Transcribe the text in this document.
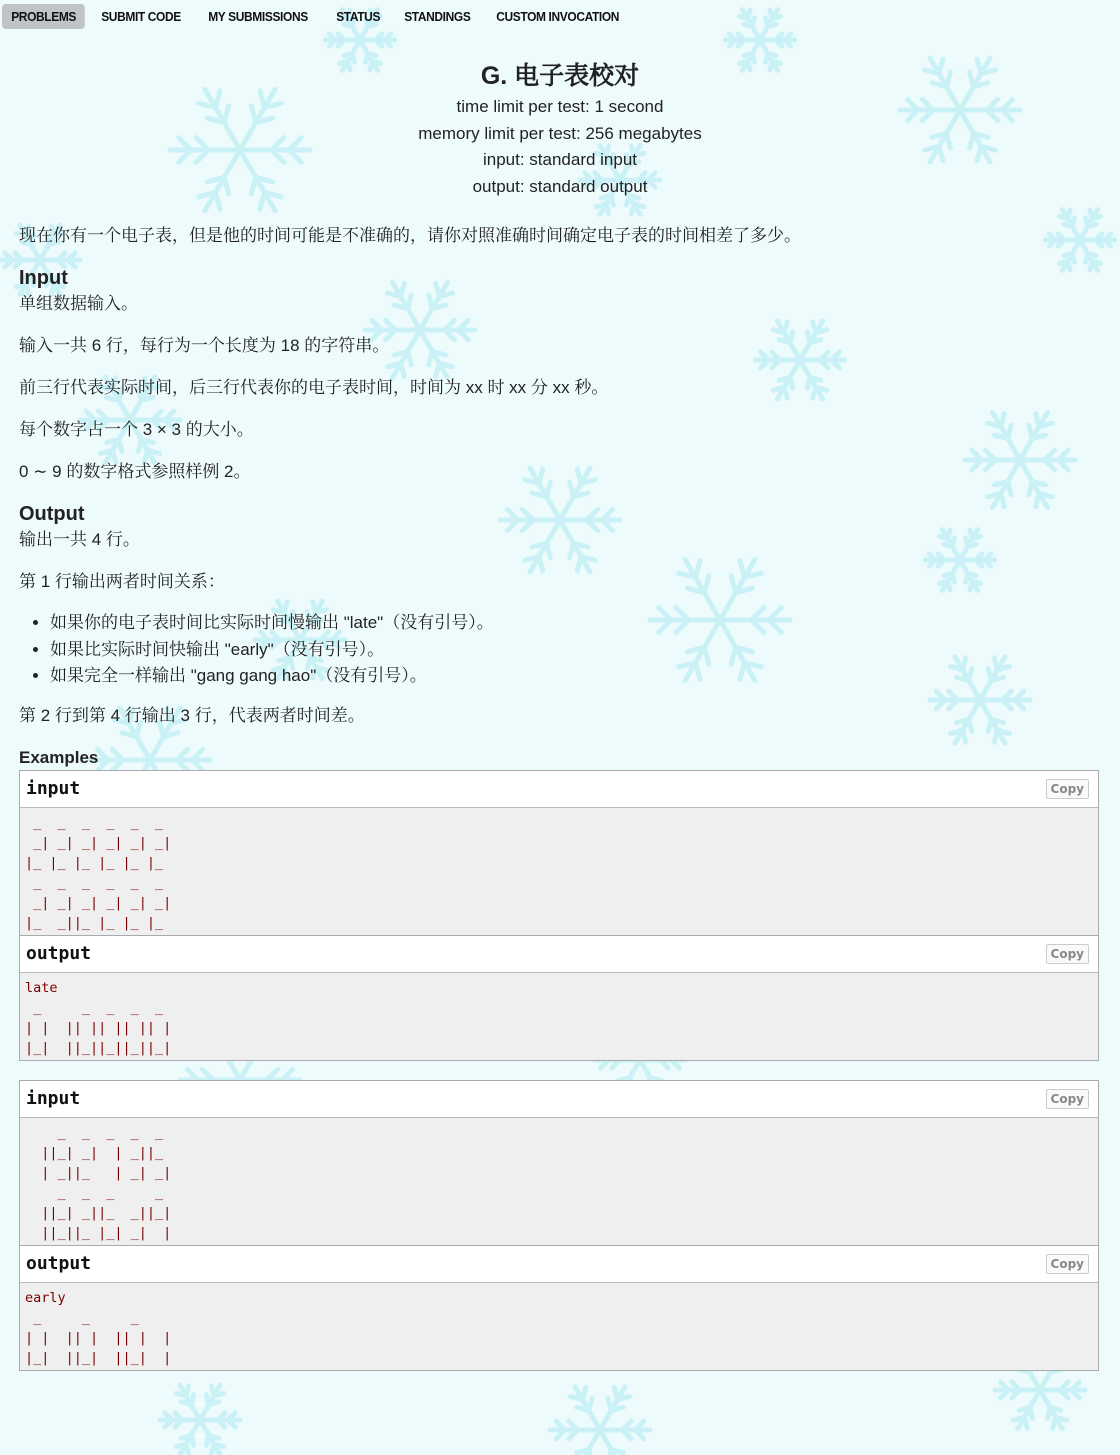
PROBLEMS	SUBMIT CODE	MY SUBMISSIONS	STATUS	STANDINGS	CUSTOM INVOCATION
G. 电子表校对
time limit per test: 1 second
memory limit per test: 256 megabytes
input: standard input
output: standard output

现在你有一个电子表，但是他的时间可能是不准确的，请你对照准确时间确定电子表的时间相差了多少。

Input

单组数据输入。

输入一共 6 行，每行为一个长度为 18 的字符串。

前三行代表实际时间，后三行代表你的电子表时间，时间为 xx 时 xx 分 xx 秒。

每个数字占一个 3 × 3 的大小。

0 ∼ 9 的数字格式参照样例 2。

Output

输出一共 4 行。

第 1 行输出两者时间关系：

• 如果你的电子表时间比实际时间慢输出 "late"（没有引号）。
• 如果比实际时间快输出 "early"（没有引号）。
• 如果完全一样输出 "gang gang hao"（没有引号）。

第 2 行到第 4 行输出 3 行，代表两者时间差。

Examples
input	Copy
_  _  _  _  _  _
_| _| _| _| _| _|
|_ |_ |_ |_ |_ |_
_  _  _  _  _  _
_| _| _| _| _| _|
|_  _||_ |_ |_ |_
output	Copy
late
_     _  _  _  _
| |  || || || || |
|_|  ||_||_||_||_|
input	Copy
_  _  _  _  _
||_| _|  | _||_
| _||_   | _| _|
_  _  _     _
||_| _||_  _||_|
||_||_ |_| _|  |
output	Copy
early
_     _     _
| |  || |  || |  |
|_|  ||_|  ||_|  |
